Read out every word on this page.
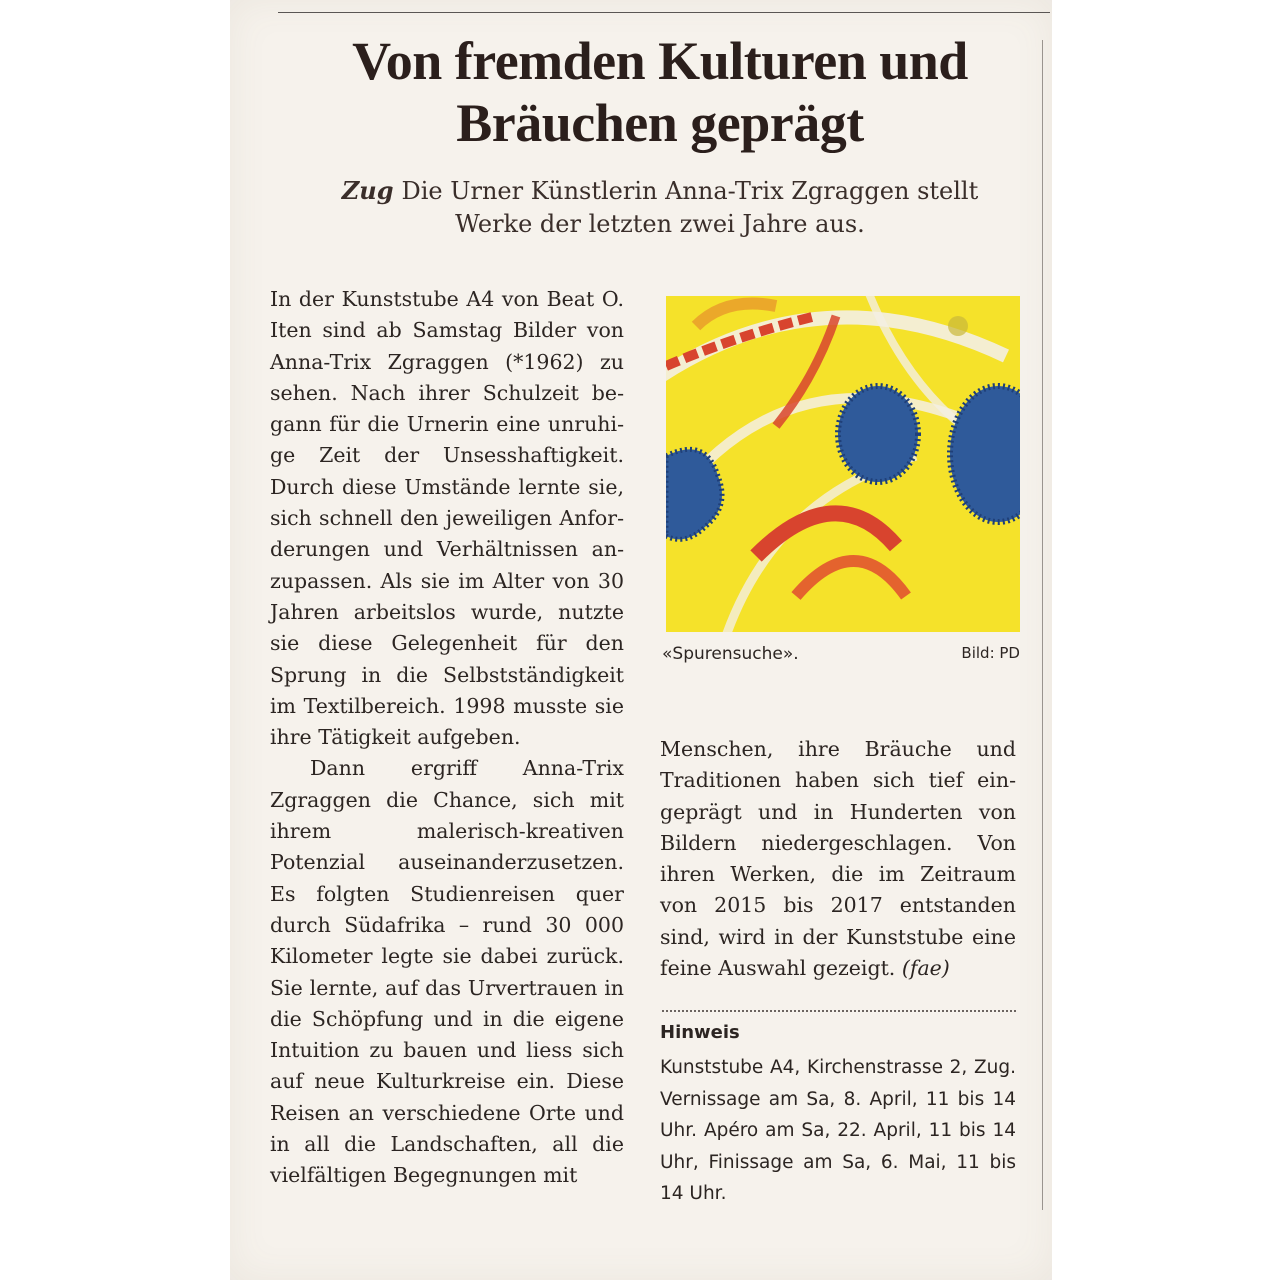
Von fremden Kulturen und
Bräuchen geprägt
Zug Die Urner Künstlerin Anna-Trix Zgraggen stellt
Werke der letzten zwei Jahre aus.

In der Kunststube A4 von Beat O. Iten sind ab Samstag Bilder von Anna-Trix Zgraggen (*1962) zu sehen. Nach ihrer Schulzeit begann für die Urnerin eine unruhige Zeit der Unsesshaftigkeit. Durch diese Umstände lernte sie, sich schnell den jeweiligen Anforderungen und Verhältnissen anzupassen. Als sie im Alter von 30 Jahren arbeitslos wurde, nutzte sie diese Gelegenheit für den Sprung in die Selbstständigkeit im Textilbereich. 1998 musste sie ihre Tätigkeit aufgeben.

Dann ergriff Anna-Trix Zgraggen die Chance, sich mit ihrem malerisch-kreativen Potenzial auseinanderzusetzen. Es folgten Studienreisen quer durch Südafrika – rund 30 000 Kilometer legte sie dabei zurück. Sie lernte, auf das Urvertrauen in die Schöpfung und in die eigene Intuition zu bauen und liess sich auf neue Kulturkreise ein. Diese Reisen an verschiedene Orte und in all die Landschaften, all die vielfältigen Begegnungen mit

«Spurensuche».	Bild: PD

Menschen, ihre Bräuche und Traditionen haben sich tief eingeprägt und in Hunderten von Bildern niedergeschlagen. Von ihren Werken, die im Zeitraum von 2015 bis 2017 entstanden sind, wird in der Kunststube eine feine Auswahl gezeigt. (fae)

Hinweis
Kunststube A4, Kirchenstrasse 2, Zug. Vernissage am Sa, 8. April, 11 bis 14 Uhr. Apéro am Sa, 22. April, 11 bis 14 Uhr, Finissage am Sa, 6. Mai, 11 bis 14 Uhr.
